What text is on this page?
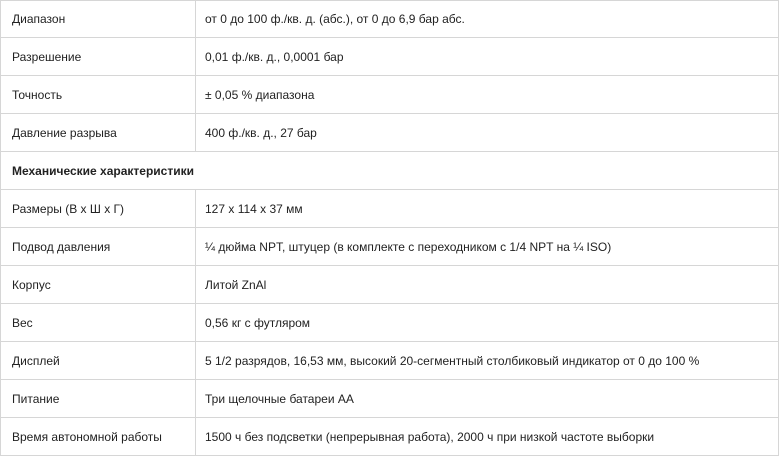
Диапазон	от 0 до 100 ф./кв. д. (абс.), от 0 до 6,9 бар абс.
Разрешение	0,01 ф./кв. д., 0,0001 бар
Точность	± 0,05 % диапазона
Давление разрыва	400 ф./кв. д., 27 бар
Механические характеристики	
Размеры (В x Ш x Г)	127 x 114 x 37 мм
Подвод давления	¼ дюйма NPT, штуцер (в комплекте с переходником с 1/4 NPT на ¼ ISO)
Корпус	Литой ZnAl
Вес	0,56 кг с футляром
Дисплей	5 1/2 разрядов, 16,53 мм, высокий 20-сегментный столбиковый индикатор от 0 до 100 %
Питание	Три щелочные батареи AA
Время автономной работы	1500 ч без подсветки (непрерывная работа), 2000 ч при низкой частоте выборки
